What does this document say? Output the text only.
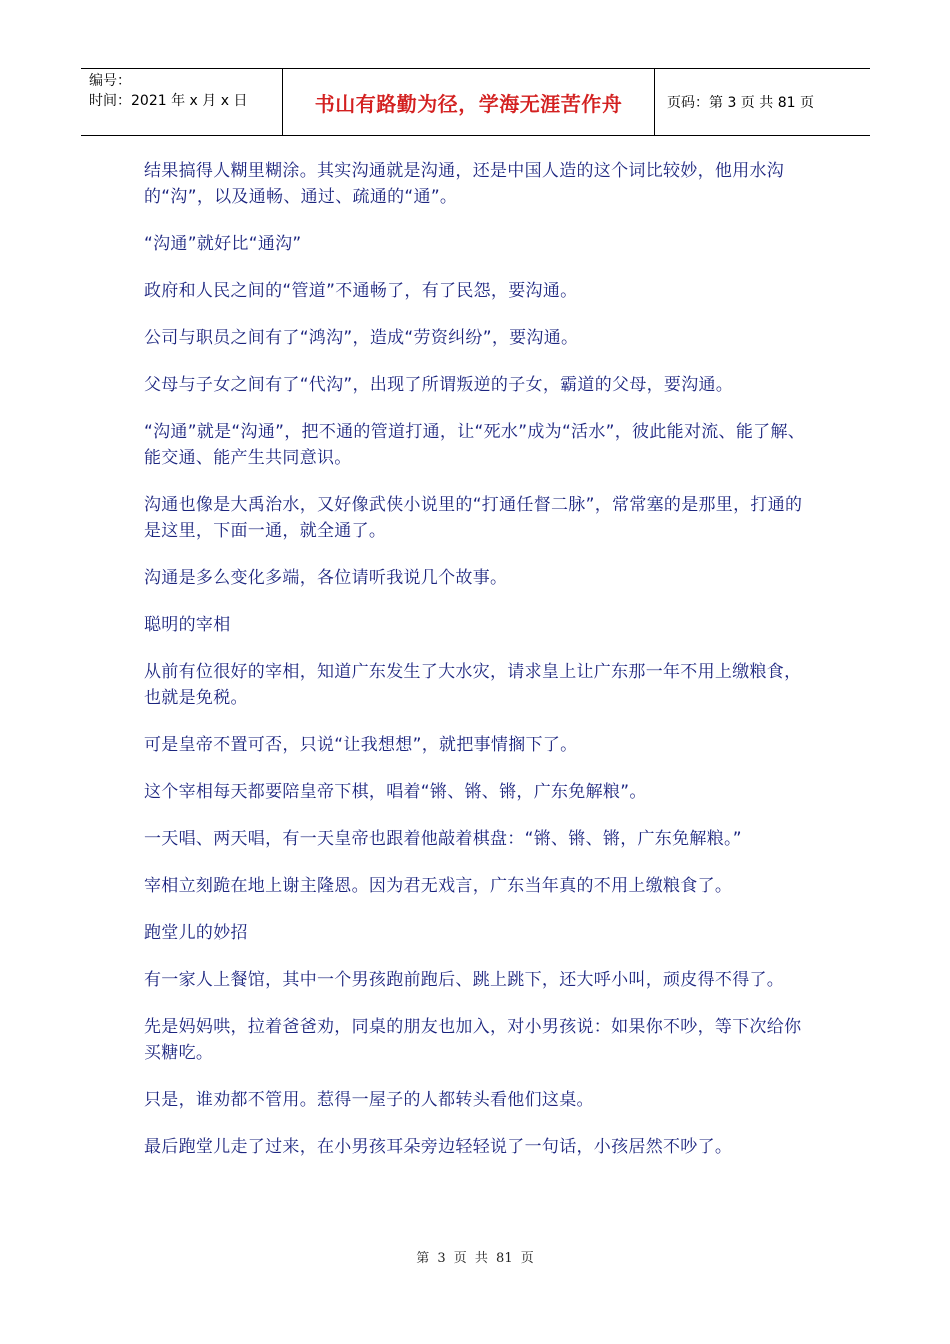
编号：
时间：2021 年 x 月 x 日	书山有路勤为径，学海无涯苦作舟	页码：第 3 页 共 81 页

结果搞得人糊里糊涂。其实沟通就是沟通，还是中国人造的这个词比较妙，他用水沟的“沟”，以及通畅、通过、疏通的“通”。

“沟通”就好比“通沟”

政府和人民之间的“管道”不通畅了，有了民怨，要沟通。

公司与职员之间有了“鸿沟”，造成“劳资纠纷”，要沟通。

父母与子女之间有了“代沟”，出现了所谓叛逆的子女，霸道的父母，要沟通。

“沟通”就是“沟通”，把不通的管道打通，让“死水”成为“活水”，彼此能对流、能了解、能交通、能产生共同意识。

沟通也像是大禹治水，又好像武侠小说里的“打通任督二脉”，常常塞的是那里，打通的是这里，下面一通，就全通了。

沟通是多么变化多端，各位请听我说几个故事。

聪明的宰相

从前有位很好的宰相，知道广东发生了大水灾，请求皇上让广东那一年不用上缴粮食，也就是免税。

可是皇帝不置可否，只说“让我想想”，就把事情搁下了。

这个宰相每天都要陪皇帝下棋，唱着“锵、锵、锵，广东免解粮”。

一天唱、两天唱，有一天皇帝也跟着他敲着棋盘：“锵、锵、锵，广东免解粮。”

宰相立刻跪在地上谢主隆恩。因为君无戏言，广东当年真的不用上缴粮食了。

跑堂儿的妙招

有一家人上餐馆，其中一个男孩跑前跑后、跳上跳下，还大呼小叫，顽皮得不得了。

先是妈妈哄，拉着爸爸劝，同桌的朋友也加入，对小男孩说：如果你不吵，等下次给你买糖吃。

只是，谁劝都不管用。惹得一屋子的人都转头看他们这桌。

最后跑堂儿走了过来，在小男孩耳朵旁边轻轻说了一句话，小孩居然不吵了。

第 3 页 共 81 页
